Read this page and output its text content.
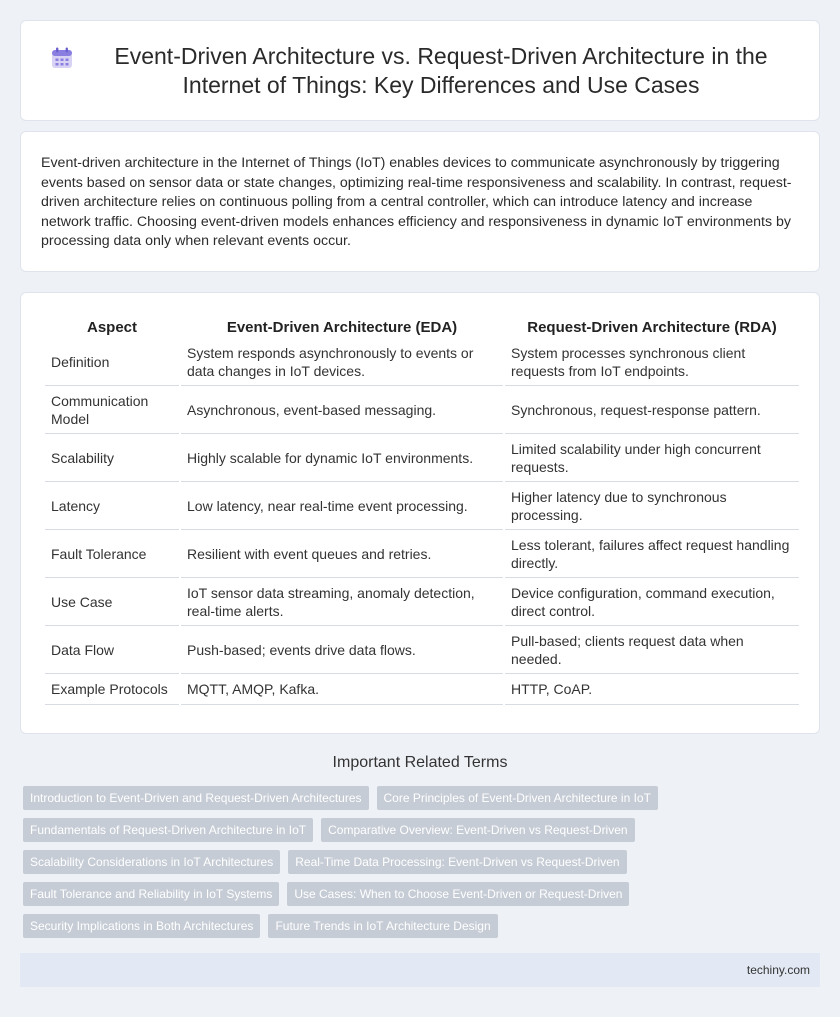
Event-Driven Architecture vs. Request-Driven Architecture in the Internet of Things: Key Differences and Use Cases

Event-driven architecture in the Internet of Things (IoT) enables devices to communicate asynchronously by triggering events based on sensor data or state changes, optimizing real-time responsiveness and scalability. In contrast, request-driven architecture relies on continuous polling from a central controller, which can introduce latency and increase network traffic. Choosing event-driven models enhances efficiency and responsiveness in dynamic IoT environments by processing data only when relevant events occur.

Aspect	Event-Driven Architecture (EDA)	Request-Driven Architecture (RDA)
Definition	System responds asynchronously to events or data changes in IoT devices.	System processes synchronous client requests from IoT endpoints.
Communication Model	Asynchronous, event-based messaging.	Synchronous, request-response pattern.
Scalability	Highly scalable for dynamic IoT environments.	Limited scalability under high concurrent requests.
Latency	Low latency, near real-time event processing.	Higher latency due to synchronous processing.
Fault Tolerance	Resilient with event queues and retries.	Less tolerant, failures affect request handling directly.
Use Case	IoT sensor data streaming, anomaly detection, real-time alerts.	Device configuration, command execution, direct control.
Data Flow	Push-based; events drive data flows.	Pull-based; clients request data when needed.
Example Protocols	MQTT, AMQP, Kafka.	HTTP, CoAP.
Important Related Terms
Introduction to Event-Driven and Request-Driven Architectures	Core Principles of Event-Driven Architecture in IoT
Fundamentals of Request-Driven Architecture in IoT	Comparative Overview: Event-Driven vs Request-Driven
Scalability Considerations in IoT Architectures	Real-Time Data Processing: Event-Driven vs Request-Driven
Fault Tolerance and Reliability in IoT Systems	Use Cases: When to Choose Event-Driven or Request-Driven
Security Implications in Both Architectures	Future Trends in IoT Architecture Design
techiny.com
